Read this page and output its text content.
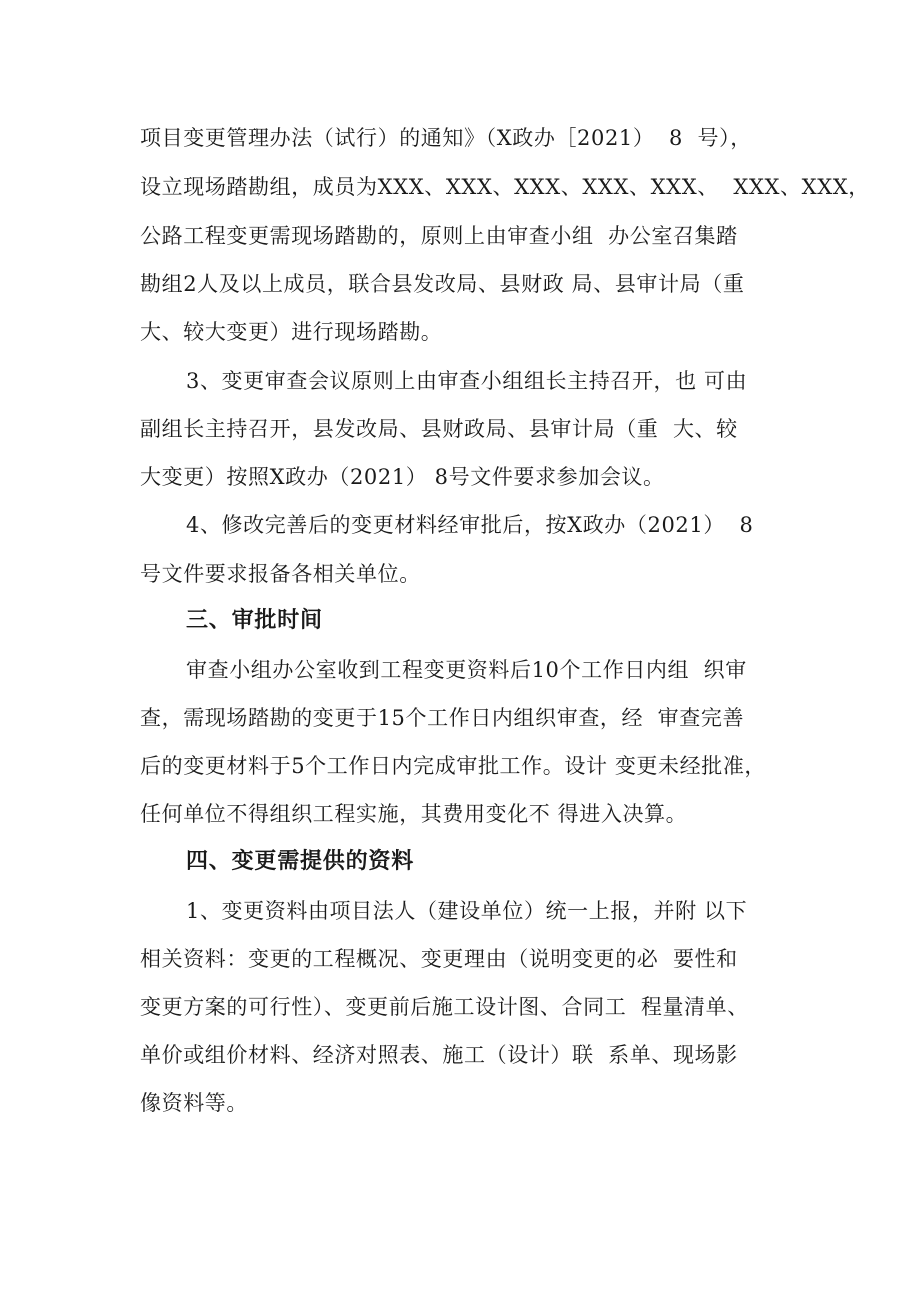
项目变更管理办法（试行）的通知》（X政办［2021）  8  号），
设立现场踏勘组，成员为XXX、XXX、XXX、XXX、XXX、  XXX、XXX，
公路工程变更需现场踏勘的，原则上由审查小组  办公室召集踏
勘组2人及以上成员，联合县发改局、县财政 局、县审计局（重
大、较大变更）进行现场踏勘。
3、变更审查会议原则上由审查小组组长主持召开，也 可由
副组长主持召开，县发改局、县财政局、县审计局（重  大、较
大变更）按照X政办（2021） 8号文件要求参加会议。
4、修改完善后的变更材料经审批后，按X政办（2021）  8
号文件要求报备各相关单位。
三、审批时间
审查小组办公室收到工程变更资料后10个工作日内组  织审
查，需现场踏勘的变更于15个工作日内组织审查，经  审查完善
后的变更材料于5个工作日内完成审批工作。设计 变更未经批准，
任何单位不得组织工程实施，其费用变化不 得进入决算。
四、变更需提供的资料
1、变更资料由项目法人（建设单位）统一上报，并附 以下
相关资料：变更的工程概况、变更理由（说明变更的必  要性和
变更方案的可行性）、变更前后施工设计图、合同工  程量清单、
单价或组价材料、经济对照表、施工（设计）联  系单、现场影
像资料等。
